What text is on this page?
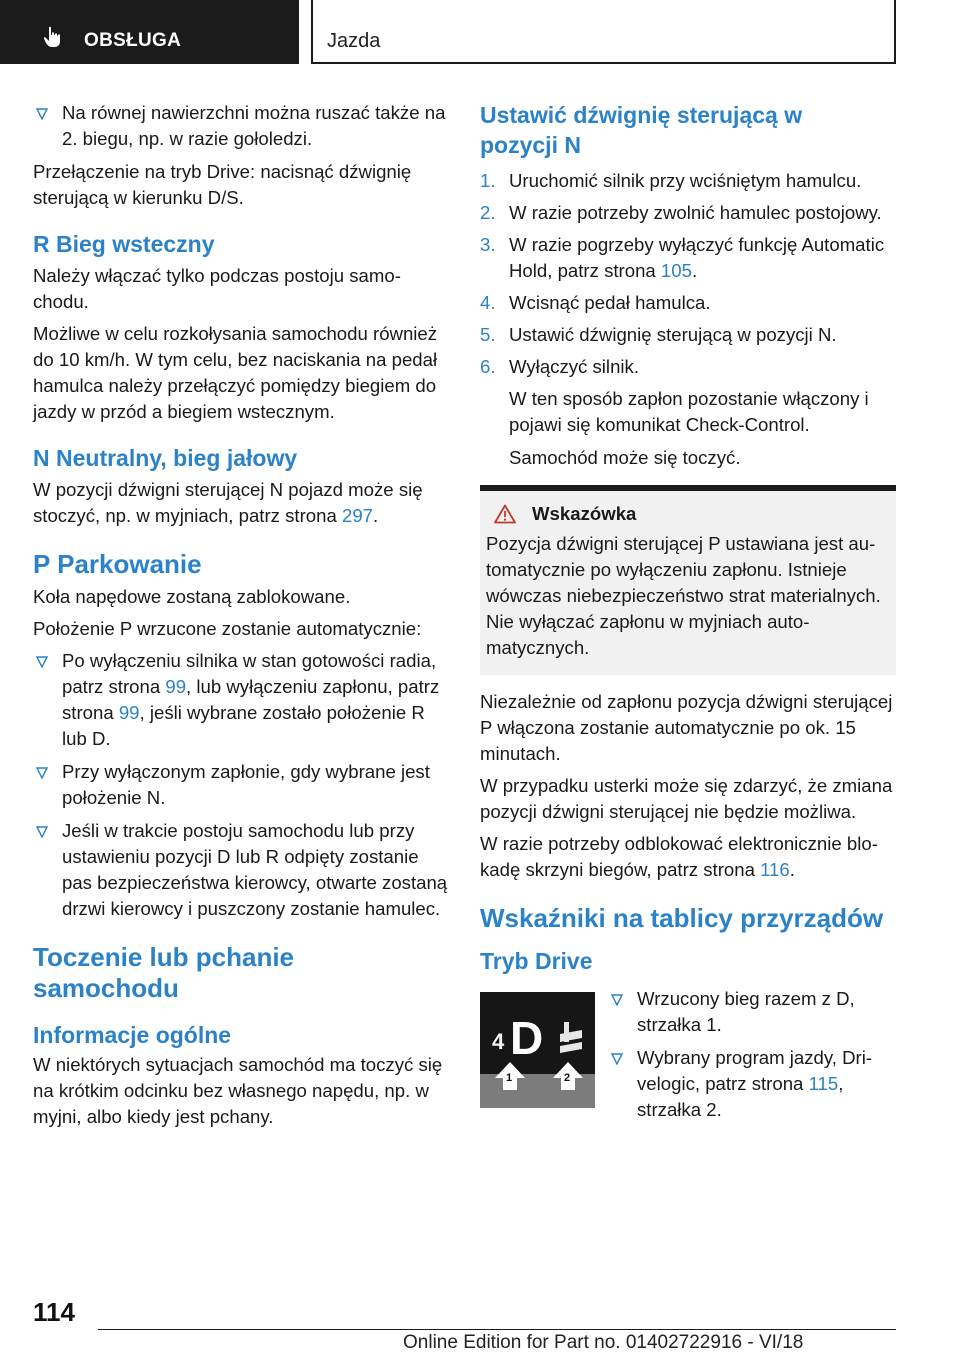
OBSŁUGA	Jazda
Na równej nawierzchni można ruszać także na 2. biegu, np. w razie gołoledzi.

Przełączenie na tryb Drive: nacisnąć dźwignię sterującą w kierunku D/S.

R Bieg wsteczny

Należy włączać tylko podczas postoju samochodu.

Możliwe w celu rozkołysania samochodu również do 10 km/h. W tym celu, bez naciskania na pedał hamulca należy przełączyć pomiędzy biegiem do jazdy w przód a biegiem wstecznym.

N Neutralny, bieg jałowy

W pozycji dźwigni sterującej N pojazd może się stoczyć, np. w myjniach, patrz strona 297.

P Parkowanie

Koła napędowe zostaną zablokowane.

Położenie P wrzucone zostanie automatycznie:

Po wyłączeniu silnika w stan gotowości radia, patrz strona 99, lub wyłączeniu zapłonu, patrz strona 99, jeśli wybrane zostało położenie R lub D.
Przy wyłączonym zapłonie, gdy wybrane jest położenie N.
Jeśli w trakcie postoju samochodu lub przy ustawieniu pozycji D lub R odpięty zostanie pas bezpieczeństwa kierowcy, otwarte zostaną drzwi kierowcy i puszczony zostanie hamulec.
Toczenie lub pchanie samochodu
Informacje ogólne

W niektórych sytuacjach samochód ma toczyć się na krótkim odcinku bez własnego napędu, np. w myjni, albo kiedy jest pchany.

Ustawić dźwignię sterującą w pozycji N
1. Uruchomić silnik przy wciśniętym hamulcu.
2. W razie potrzeby zwolnić hamulec postojowy.
3. W razie pogrzeby wyłączyć funkcję Automatic Hold, patrz strona 105.
4. Wcisnąć pedał hamulca.
5. Ustawić dźwignię sterującą w pozycji N.
6. Wyłączyć silnik.

W ten sposób zapłon pozostanie włączony i pojawi się komunikat Check-Control.

Samochód może się toczyć.

Wskazówka
Pozycja dźwigni sterującej P ustawiana jest automatycznie po wyłączeniu zapłonu. Istnieje wówczas niebezpieczeństwo strat materialnych. Nie wyłączać zapłonu w myjniach automatycznych.

Niezależnie od zapłonu pozycja dźwigni sterującej P włączona zostanie automatycznie po ok. 15 minutach.

W przypadku usterki może się zdarzyć, że zmiana pozycji dźwigni sterującej nie będzie możliwa.

W razie potrzeby odblokować elektronicznie blokadę skrzyni biegów, patrz strona 116.

Wskaźniki na tablicy przyrządów
Tryb Drive
4 D
1	2
Wrzucony bieg razem z D, strzałka 1.
Wybrany program jazdy, Drivelogic, patrz strona 115,
strzałka 2.
114
Online Edition for Part no. 01402722916 - VI/18
